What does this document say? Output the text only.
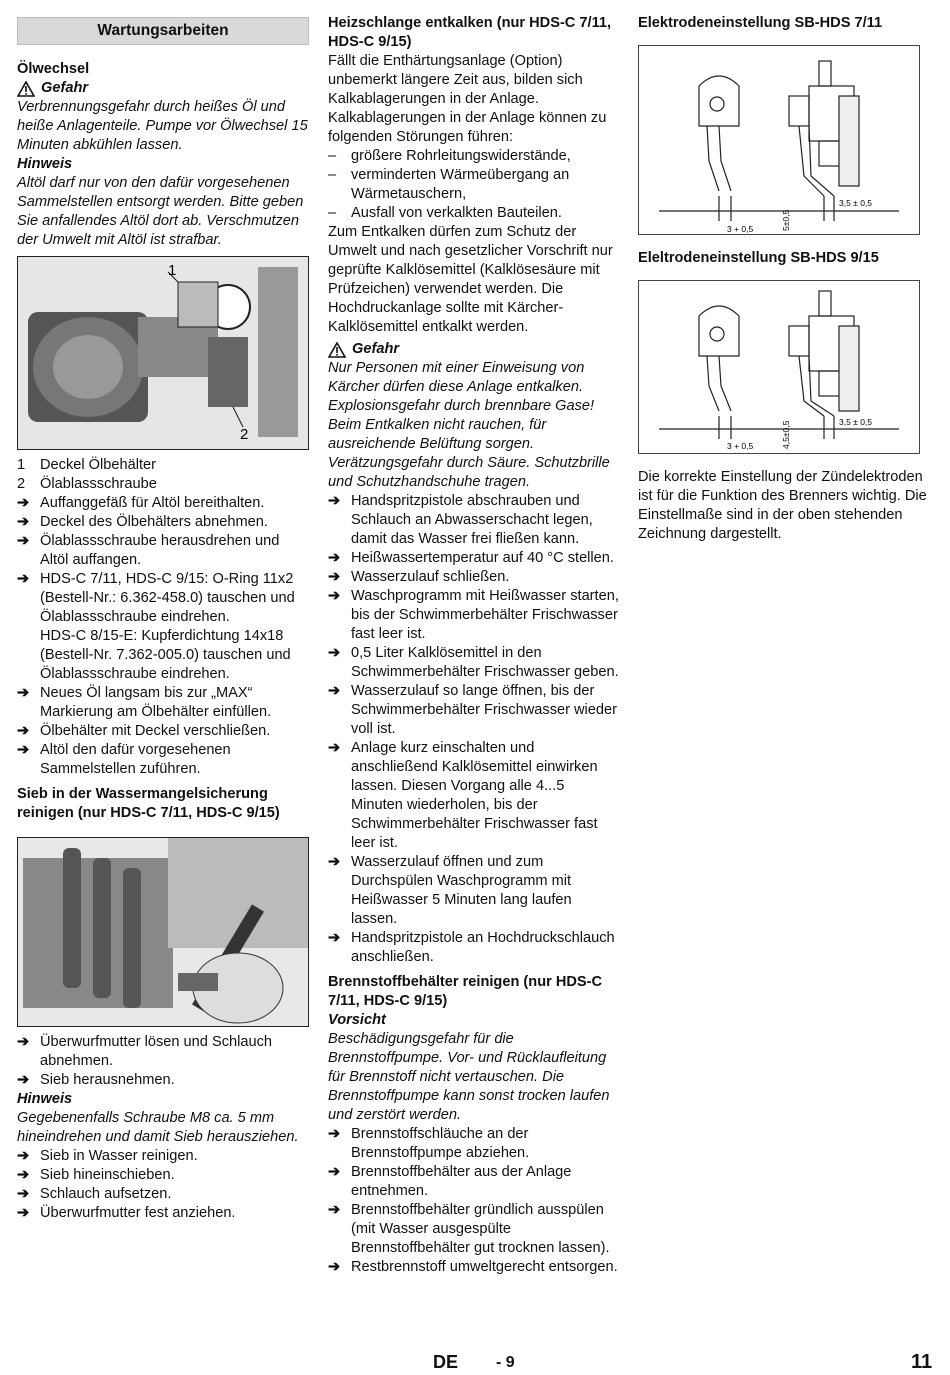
Wartungsarbeiten
Ölwechsel
Gefahr

Verbrennungsgefahr durch heißes Öl und heiße Anlagenteile. Pumpe vor Ölwechsel 15 Minuten abkühlen lassen.

Hinweis

Altöl darf nur von den dafür vorgesehenen Sammelstellen entsorgt werden. Bitte geben Sie anfallendes Altöl dort ab. Verschmutzen der Umwelt mit Altöl ist strafbar.

1
2
1 Deckel Ölbehälter
2 Ölablassschraube
➔ Auffanggefäß für Altöl bereithalten.
➔ Deckel des Ölbehälters abnehmen.
➔ Ölablassschraube herausdrehen und Altöl auffangen.
➔ HDS-C 7/11, HDS-C 9/15: O-Ring 11x2 (Bestell-Nr.: 6.362-458.0) tauschen und Ölablassschraube eindrehen.
HDS-C 8/15-E: Kupferdichtung 14x18 (Bestell-Nr. 7.362-005.0) tauschen und Ölablassschraube eindrehen.
➔ Neues Öl langsam bis zur „MAX“ Markierung am Ölbehälter einfüllen.
➔ Ölbehälter mit Deckel verschließen.
➔ Altöl den dafür vorgesehenen Sammelstellen zuführen.
Sieb in der Wassermangelsicherung reinigen (nur HDS-C 7/11, HDS-C 9/15)
➔ Überwurfmutter lösen und Schlauch abnehmen.
➔ Sieb herausnehmen.
Hinweis

Gegebenenfalls Schraube M8 ca. 5 mm hineindrehen und damit Sieb herausziehen.

➔ Sieb in Wasser reinigen.
➔ Sieb hineinschieben.
➔ Schlauch aufsetzen.
➔ Überwurfmutter fest anziehen.
Heizschlange entkalken (nur HDS-C 7/11, HDS-C 9/15)

Fällt die Enthärtungsanlage (Option) unbemerkt längere Zeit aus, bilden sich Kalkablagerungen in der Anlage. Kalkablagerungen in der Anlage können zu folgenden Störungen führen:

– größere Rohrleitungswiderstände,
– verminderten Wärmeübergang an Wärmetauschern,
– Ausfall von verkalkten Bauteilen.

Zum Entkalken dürfen zum Schutz der Umwelt und nach gesetzlicher Vorschrift nur geprüfte Kalklösemittel (Kalklösesäure mit Prüfzeichen) verwendet werden. Die Hochdruckanlage sollte mit Kärcher-Kalklösemittel entkalkt werden.

Gefahr

Nur Personen mit einer Einweisung von Kärcher dürfen diese Anlage entkalken. Explosionsgefahr durch brennbare Gase! Beim Entkalken nicht rauchen, für ausreichende Belüftung sorgen. Verätzungsgefahr durch Säure. Schutzbrille und Schutzhandschuhe tragen.

➔ Handspritzpistole abschrauben und Schlauch an Abwasserschacht legen, damit das Wasser frei fließen kann.
➔ Heißwassertemperatur auf 40 °C stellen.
➔ Wasserzulauf schließen.
➔ Waschprogramm mit Heißwasser starten, bis der Schwimmerbehälter Frischwasser fast leer ist.
➔ 0,5 Liter Kalklösemittel in den Schwimmerbehälter Frischwasser geben.
➔ Wasserzulauf so lange öffnen, bis der Schwimmerbehälter Frischwasser wieder voll ist.
➔ Anlage kurz einschalten und anschließend Kalklösemittel einwirken lassen. Diesen Vorgang alle 4...5 Minuten wiederholen, bis der Schwimmerbehälter Frischwasser fast leer ist.
➔ Wasserzulauf öffnen und zum Durchspülen Waschprogramm mit Heißwasser 5 Minuten lang laufen lassen.
➔ Handspritzpistole an Hochdruckschlauch anschließen.
Brennstoffbehälter reinigen (nur HDS-C 7/11, HDS-C 9/15)
Vorsicht

Beschädigungsgefahr für die Brennstoffpumpe. Vor- und Rücklaufleitung für Brennstoff nicht vertauschen. Die Brennstoffpumpe kann sonst trocken laufen und zerstört werden.

➔ Brennstoffschläuche an der Brennstoffpumpe abziehen.
➔ Brennstoffbehälter aus der Anlage entnehmen.
➔ Brennstoffbehälter gründlich ausspülen (mit Wasser ausgespülte Brennstoffbehälter gut trocknen lassen).
➔ Restbrennstoff umweltgerecht entsorgen.
Elektrodeneinstellung SB-HDS 7/11
3 + 0,5	5±0,5
3,5 ± 0,5
Eleltrodeneinstellung SB-HDS 9/15
3 + 0,5	4,5±0,5	3,5 ± 0,5

Die korrekte Einstellung der Zündelektroden ist für die Funktion des Brenners wichtig. Die Einstellmaße sind in der oben stehenden Zeichnung dargestellt.

DE - 9	11
